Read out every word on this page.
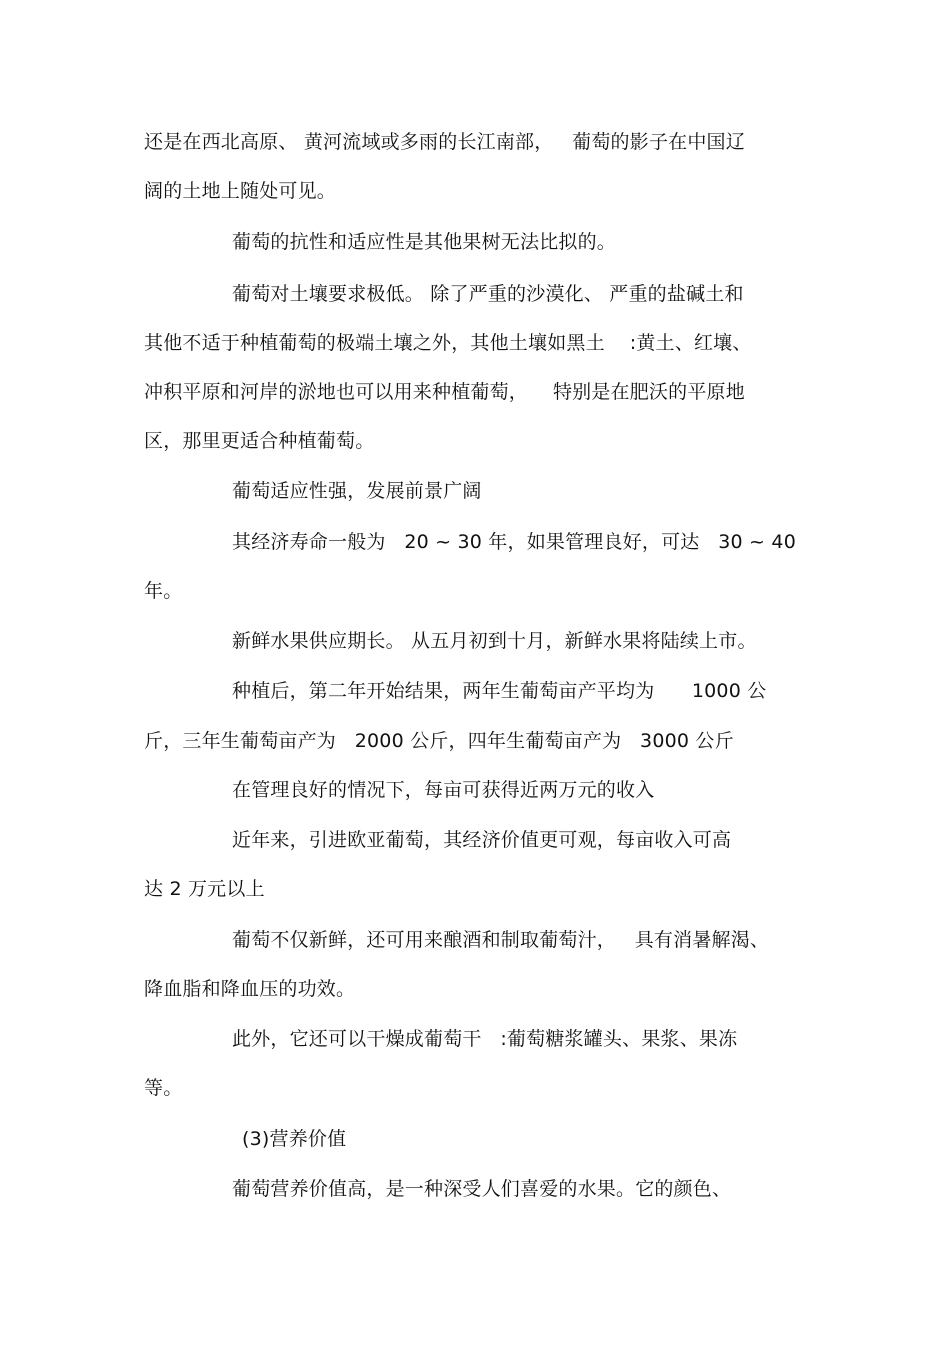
还是在西北高原、 黄河流域或多雨的长江南部，   葡萄的影子在中国辽
阔的土地上随处可见。
葡萄的抗性和适应性是其他果树无法比拟的。
葡萄对土壤要求极低。 除了严重的沙漠化、 严重的盐碱土和
其他不适于种植葡萄的极端土壤之外，其他土壤如黑土    :黄土、红壤、
冲积平原和河岸的淤地也可以用来种植葡萄，    特别是在肥沃的平原地
区，那里更适合种植葡萄。
葡萄适应性强，发展前景广阔
其经济寿命一般为   20 ~ 30 年，如果管理良好，可达   30 ~ 40
年。
新鲜水果供应期长。 从五月初到十月，新鲜水果将陆续上市。
种植后，第二年开始结果，两年生葡萄亩产平均为      1000 公
斤，三年生葡萄亩产为   2000 公斤，四年生葡萄亩产为   3000 公斤
在管理良好的情况下，每亩可获得近两万元的收入
近年来，引进欧亚葡萄，其经济价值更可观，每亩收入可高
达 2 万元以上
葡萄不仅新鲜，还可用来酿酒和制取葡萄汁，   具有消暑解渴、
降血脂和降血压的功效。
此外，它还可以干燥成葡萄干   :葡萄糖浆罐头、果浆、果冻
等。
(3)营养价值
葡萄营养价值高，是一种深受人们喜爱的水果。它的颜色、
